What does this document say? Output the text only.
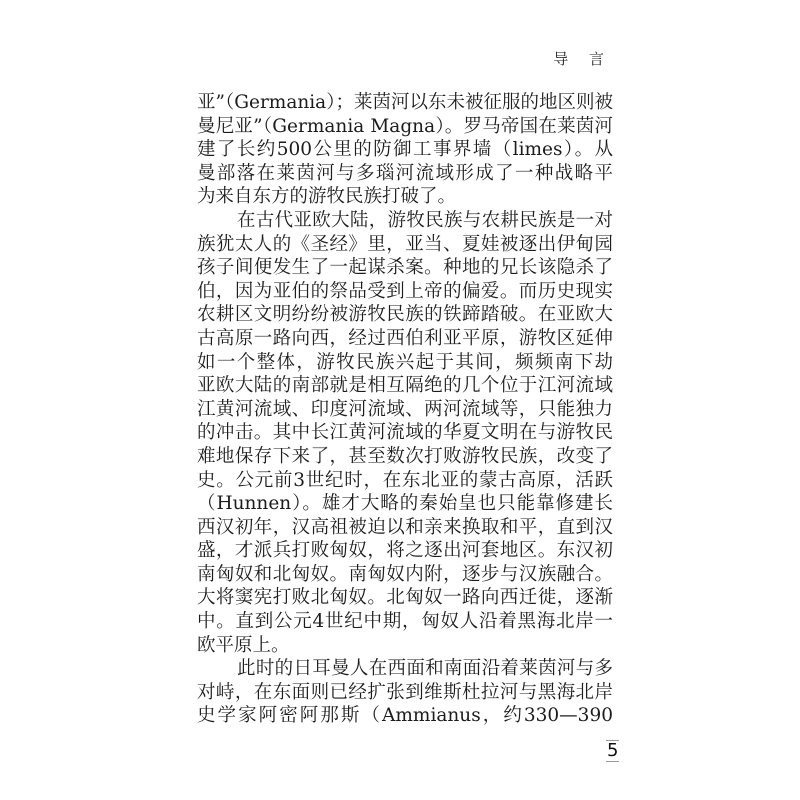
导 言
亚”（Germania）；莱茵河以东未被征服的地区则被
曼尼亚”（Germania Magna）。罗马帝国在莱茵河
建了长约500公里的防御工事界墙（limes）。从
曼部落在莱茵河与多瑙河流域形成了一种战略平
为来自东方的游牧民族打破了。
在古代亚欧大陆，游牧民族与农耕民族是一对
族犹太人的《圣经》里，亚当、夏娃被逐出伊甸园
孩子间便发生了一起谋杀案。种地的兄长该隐杀了
伯，因为亚伯的祭品受到上帝的偏爱。而历史现实
农耕区文明纷纷被游牧民族的铁蹄踏破。在亚欧大
古高原一路向西，经过西伯利亚平原，游牧区延伸
如一个整体，游牧民族兴起于其间，频频南下劫
亚欧大陆的南部就是相互隔绝的几个位于江河流域
江黄河流域、印度河流域、两河流域等，只能独力
的冲击。其中长江黄河流域的华夏文明在与游牧民
难地保存下来了，甚至数次打败游牧民族，改变了
史。公元前3世纪时，在东北亚的蒙古高原，活跃
（Hunnen）。雄才大略的秦始皇也只能靠修建长
西汉初年，汉高祖被迫以和亲来换取和平，直到汉
盛，才派兵打败匈奴，将之逐出河套地区。东汉初
南匈奴和北匈奴。南匈奴内附，逐步与汉族融合。
大将窦宪打败北匈奴。北匈奴一路向西迁徙，逐渐
中。直到公元4世纪中期，匈奴人沿着黑海北岸一
欧平原上。
此时的日耳曼人在西面和南面沿着莱茵河与多
对峙，在东面则已经扩张到维斯杜拉河与黑海北岸
史学家阿密阿那斯（Ammianus，约330—390
5
